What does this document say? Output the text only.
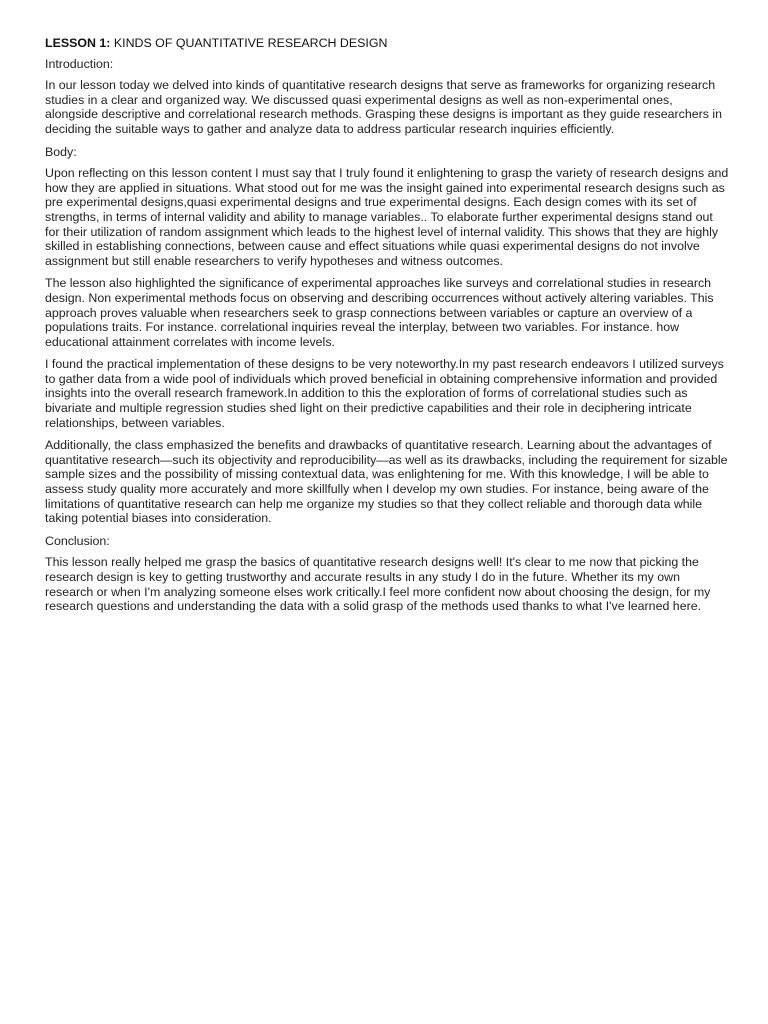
LESSON 1: KINDS OF QUANTITATIVE RESEARCH DESIGN

Introduction:

In our lesson today we delved into kinds of quantitative research designs that serve as frameworks for organizing research studies in a clear and organized way. We discussed quasi experimental designs as well as non-experimental ones, alongside descriptive and correlational research methods. Grasping these designs is important as they guide researchers in deciding the suitable ways to gather and analyze data to address particular research inquiries efficiently.

Body:

Upon reflecting on this lesson content I must say that I truly found it enlightening to grasp the variety of research designs and how they are applied in situations. What stood out for me was the insight gained into experimental research designs such as pre experimental designs,quasi experimental designs and true experimental designs. Each design comes with its set of strengths, in terms of internal validity and ability to manage variables.. To elaborate further experimental designs stand out for their utilization of random assignment which leads to the highest level of internal validity. This shows that they are highly skilled in establishing connections, between cause and effect situations while quasi experimental designs do not involve assignment but still enable researchers to verify hypotheses and witness outcomes.

The lesson also highlighted the significance of experimental approaches like surveys and correlational studies in research design. Non experimental methods focus on observing and describing occurrences without actively altering variables. This approach proves valuable when researchers seek to grasp connections between variables or capture an overview of a populations traits. For instance. correlational inquiries reveal the interplay, between two variables. For instance. how educational attainment correlates with income levels.

I found the practical implementation of these designs to be very noteworthy.In my past research endeavors I utilized surveys to gather data from a wide pool of individuals which proved beneficial in obtaining comprehensive information and provided insights into the overall research framework.In addition to this the exploration of forms of correlational studies such as bivariate and multiple regression studies shed light on their predictive capabilities and their role in deciphering intricate relationships, between variables.

Additionally, the class emphasized the benefits and drawbacks of quantitative research. Learning about the advantages of quantitative research—such its objectivity and reproducibility—as well as its drawbacks, including the requirement for sizable sample sizes and the possibility of missing contextual data, was enlightening for me. With this knowledge, I will be able to assess study quality more accurately and more skillfully when I develop my own studies. For instance, being aware of the limitations of quantitative research can help me organize my studies so that they collect reliable and thorough data while taking potential biases into consideration.

Conclusion:

This lesson really helped me grasp the basics of quantitative research designs well! It's clear to me now that picking the research design is key to getting trustworthy and accurate results in any study I do in the future. Whether its my own research or when I'm analyzing someone elses work critically.I feel more confident now about choosing the design, for my research questions and understanding the data with a solid grasp of the methods used thanks to what I've learned here.
